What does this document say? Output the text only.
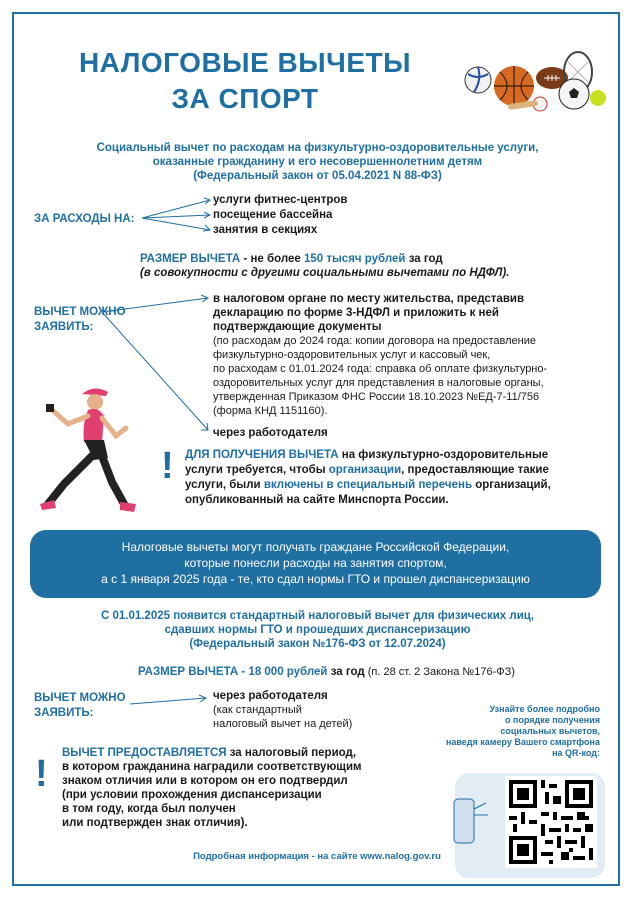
НАЛОГОВЫЕ ВЫЧЕТЫ
ЗА СПОРТ
Социальный вычет по расходам на физкультурно-оздоровительные услуги,
оказанные гражданину и его несовершеннолетним детям
(Федеральный закон от 05.04.2021 N 88-ФЗ)
ЗА РАСХОДЫ НА:
услуги фитнес-центров
посещение бассейна
занятия в секциях
РАЗМЕР ВЫЧЕТА - не более 150 тысяч рублей за год
(в совокупности с другими социальными вычетами по НДФЛ).
ВЫЧЕТ МОЖНО
ЗАЯВИТЬ:
в налоговом органе по месту жительства, представив
декларацию по форме 3-НДФЛ и приложить к ней
подтверждающие документы
(по расходам до 2024 года: копии договора на предоставление
физкультурно-оздоровительных услуг и кассовый чек,
по расходам с 01.01.2024 года: справка об оплате физкультурно-
оздоровительных услуг для представления в налоговые органы,
утвержденная Приказом ФНС России 18.10.2023 №ЕД-7-11/756
(форма КНД 1151160).
через работодателя
! ДЛЯ ПОЛУЧЕНИЯ ВЫЧЕТА на физкультурно-оздоровительные
услуги требуется, чтобы организации, предоставляющие такие
услуги, были включены в специальный перечень организаций,
опубликованный на сайте Минспорта России.
Налоговые вычеты могут получать граждане Российской Федерации,
которые понесли расходы на занятия спортом,
а с 1 января 2025 года - те, кто сдал нормы ГТО и прошел диспансеризацию
С 01.01.2025 появится стандартный налоговый вычет для физических лиц,
сдавших нормы ГТО и прошедших диспансеризацию
(Федеральный закон №176-ФЗ от 12.07.2024)
РАЗМЕР ВЫЧЕТА - 18 000 рублей за год (п. 28 ст. 2 Закона №176-ФЗ)
ВЫЧЕТ МОЖНО
ЗАЯВИТЬ:
через работодателя
(как стандартный
налоговый вычет на детей)
Узнайте более подробно
о порядке получения
социальных вычетов,
наведя камеру Вашего смартфона
на QR-код:
! ВЫЧЕТ ПРЕДОСТАВЛЯЕТСЯ за налоговый период,
в котором гражданина наградили соответствующим
знаком отличия или в котором он его подтвердил
(при условии прохождения диспансеризации
в том году, когда был получен
или подтвержден знак отличия).
Подробная информация - на сайте www.nalog.gov.ru
